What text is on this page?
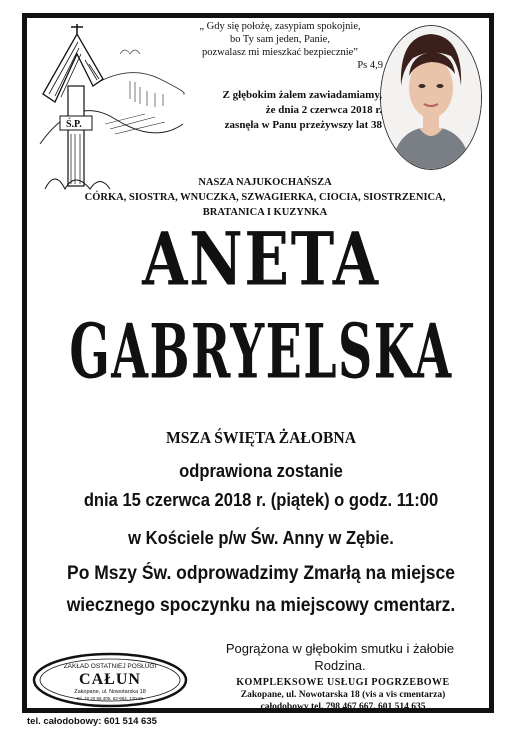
Ś.P.
„ Gdy się położę, zasypiam spokojnie,
bo Ty sam jeden, Panie,
pozwalasz mi mieszkać bezpiecznie”
Ps 4,9
Z głębokim żalem zawiadamiamy,
że dnia 2 czerwca 2018 r.
zasnęła w Panu przeżywszy lat 38
NASZA NAJUKOCHAŃSZA
CÓRKA, SIOSTRA, WNUCZKA, SZWAGIERKA, CIOCIA, SIOSTRZENICA,
BRATANICA I KUZYNKA
ANETA
GABRYELSKA
MSZA ŚWIĘTA ŻAŁOBNA
odprawiona zostanie
dnia 15 czerwca 2018 r. (piątek) o godz. 11:00
w Kościele p/w Św. Anny w Zębie.
Po Mszy Św. odprowadzimy Zmarłą na miejsce
wiecznego spoczynku na miejscowy cmentarz.
Pogrążona w głębokim smutku i żałobie
Rodzina.
ZAKŁAD OSTATNIEJ POSŁUGI
CAŁUN
Zakopane, ul. Nowotarska 18
tel. 18 20 66 405, 62-984, 120-81
KOMPLEKSOWE USŁUGI POGRZEBOWE
Zakopane, ul. Nowotarska 18 (vis a vis cmentarza)
całodobowy tel. 798 467 667, 601 514 635
tel. całodobowy: 601 514 635
